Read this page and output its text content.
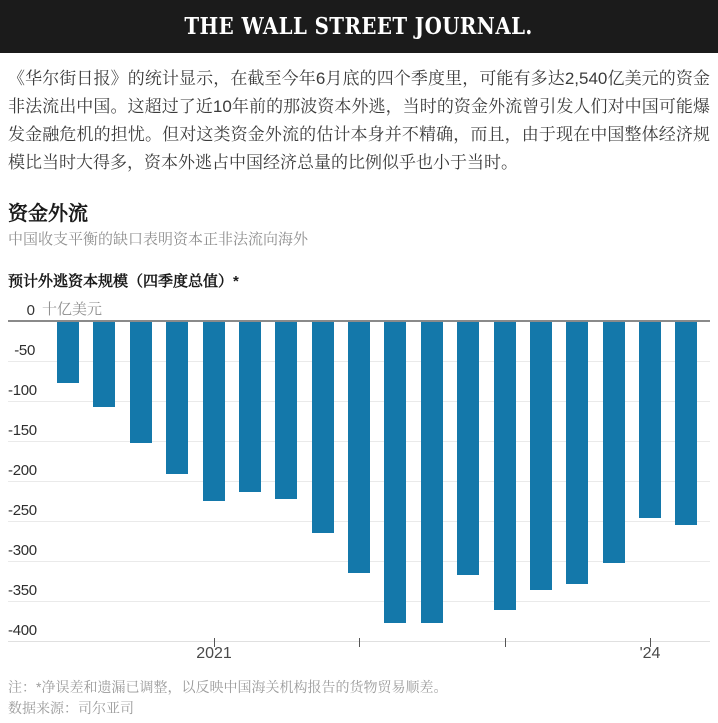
THE WALL STREET JOURNAL.

《华尔街日报》的统计显示，在截至今年6月底的四个季度里，可能有多达2,540亿美元的资金非法流出中国。这超过了近10年前的那波资本外逃，当时的资金外流曾引发人们对中国可能爆发金融危机的担忧。但对这类资金外流的估计本身并不精确，而且，由于现在中国整体经济规模比当时大得多，资本外逃占中国经济总量的比例似乎也小于当时。

资金外流
中国收支平衡的缺口表明资本正非法流向海外
预计外逃资本规模（四季度总值）*
0 十亿美元
-50
-100
-150
-200
-250
-300
-350
-400
2021	'24
注：*净误差和遗漏已调整，以反映中国海关机构报告的货物贸易顺差。
数据来源：司尔亚司
